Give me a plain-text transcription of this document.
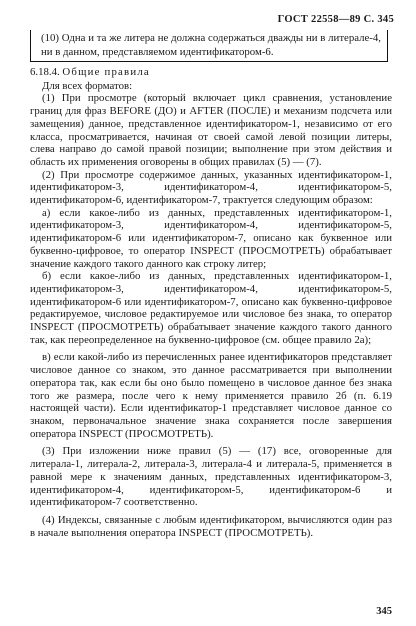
ГОСТ 22558—89 С. 345
(10) Одна и та же литера не должна содержаться дважды ни в литерале-4, ни в данном, представляемом идентификатором-6.

6.18.4. Общие правила

Для всех форматов:

(1) При просмотре (который включает цикл сравнения, установление границ для фраз BEFORE (ДО) и AFTER (ПОСЛЕ) и механизм подсчета или замещения) данное, представленное идентификатором-1, независимо от его класса, просматривается, начиная от своей самой левой позиции литеры, слева направо до самой правой позиции; выполнение при этом действия и область их применения оговорены в общих правилах (5) — (7).

(2) При просмотре содержимое данных, указанных идентификатором-1, идентификатором-3, идентификатором-4, идентификатором-5, идентификатором-6, идентификатором-7, трактуется следующим образом:

а) если какое-либо из данных, представленных идентификатором-1, идентификатором-3, идентификатором-4, идентификатором-5, идентификатором-6 или идентификатором-7, описано как буквенное или буквенно-цифровое, то оператор INSPECT (ПРОСМОТРЕТЬ) обрабатывает значение каждого такого данного как строку литер;

б) если какое-либо из данных, представленных идентификатором-1, идентификатором-3, идентификатором-4, идентификатором-5, идентификатором-6 или идентификатором-7, описано как буквенно-цифровое редактируемое, числовое редактируемое или числовое без знака, то оператор INSPECT (ПРОСМОТРЕТЬ) обрабатывает значение каждого такого данного так, как переопределенное на буквенно-цифровое (см. общее правило 2а);

в) если какой-либо из перечисленных ранее идентификаторов представляет числовое данное со знаком, это данное рассматривается при выполнении оператора так, как если бы оно было помещено в числовое данное без знака того же размера, после чего к нему применяется правило 2б (п. 6.19 настоящей части). Если идентификатор-1 представляет числовое данное со знаком, первоначальное значение знака сохраняется после завершения оператора INSPECT (ПРОСМОТРЕТЬ).

(3) При изложении ниже правил (5) — (17) все, оговоренные для литерала-1, литерала-2, литерала-3, литерала-4 и литерала-5, применяется в равной мере к значениям данных, представленных идентификатором-3, идентификатором-4, идентификатором-5, идентификатором-6 и идентификатором-7 соответственно.

(4) Индексы, связанные с любым идентификатором, вычисляются один раз в начале выполнения оператора INSPECT (ПРОСМОТРЕТЬ).

345
